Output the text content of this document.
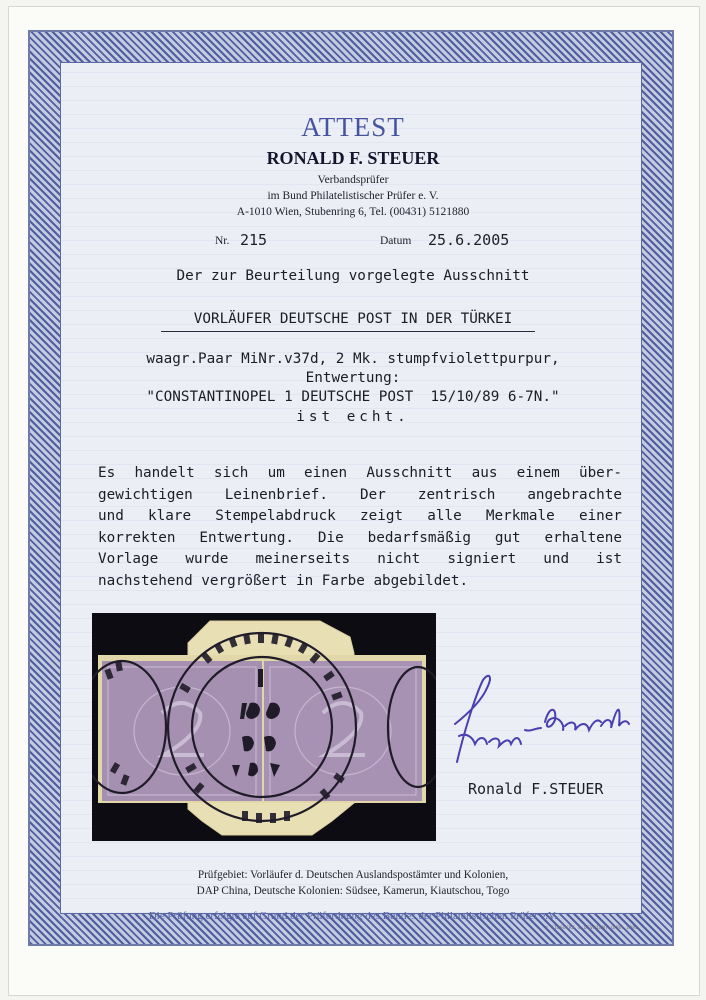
ATTEST
RONALD F. STEUER
Verbandsprüfer
im Bund Philatelistischer Prüfer e. V.
A-1010 Wien, Stubenring 6, Tel. (00431) 5121880
Nr. 215	Datum 25.6.2005
Der zur Beurteilung vorgelegte Ausschnitt
VORLÄUFER DEUTSCHE POST IN DER TÜRKEI
waagr.Paar MiNr.v37d, 2 Mk. stumpfviolettpurpur,
Entwertung:
"CONSTANTINOPEL 1 DEUTSCHE POST  15/10/89 6-7N."
ist echt.
Es handelt sich um einen Ausschnitt aus einem über-
gewichtigen Leinenbrief. Der zentrisch angebrachte
und klare Stempelabdruck zeigt alle Merkmale einer
korrekten Entwertung. Die bedarfsmäßig gut erhaltene
Vorlage wurde meinerseits nicht signiert und ist
nachstehend vergrößert in Farbe abgebildet.
Ronald F.STEUER
Prüfgebiet: Vorläufer d. Deutschen Auslandspostämter und Kolonien,
DAP China, Deutsche Kolonien: Südsee, Kamerun, Kiautschou, Togo
Die Prüfung erfolgte auf Grund der Prüfordnung des Bundes der Philatelistischen Prüfer e.V.
© GIESECKE & DEVRIENT GMBH 1992
